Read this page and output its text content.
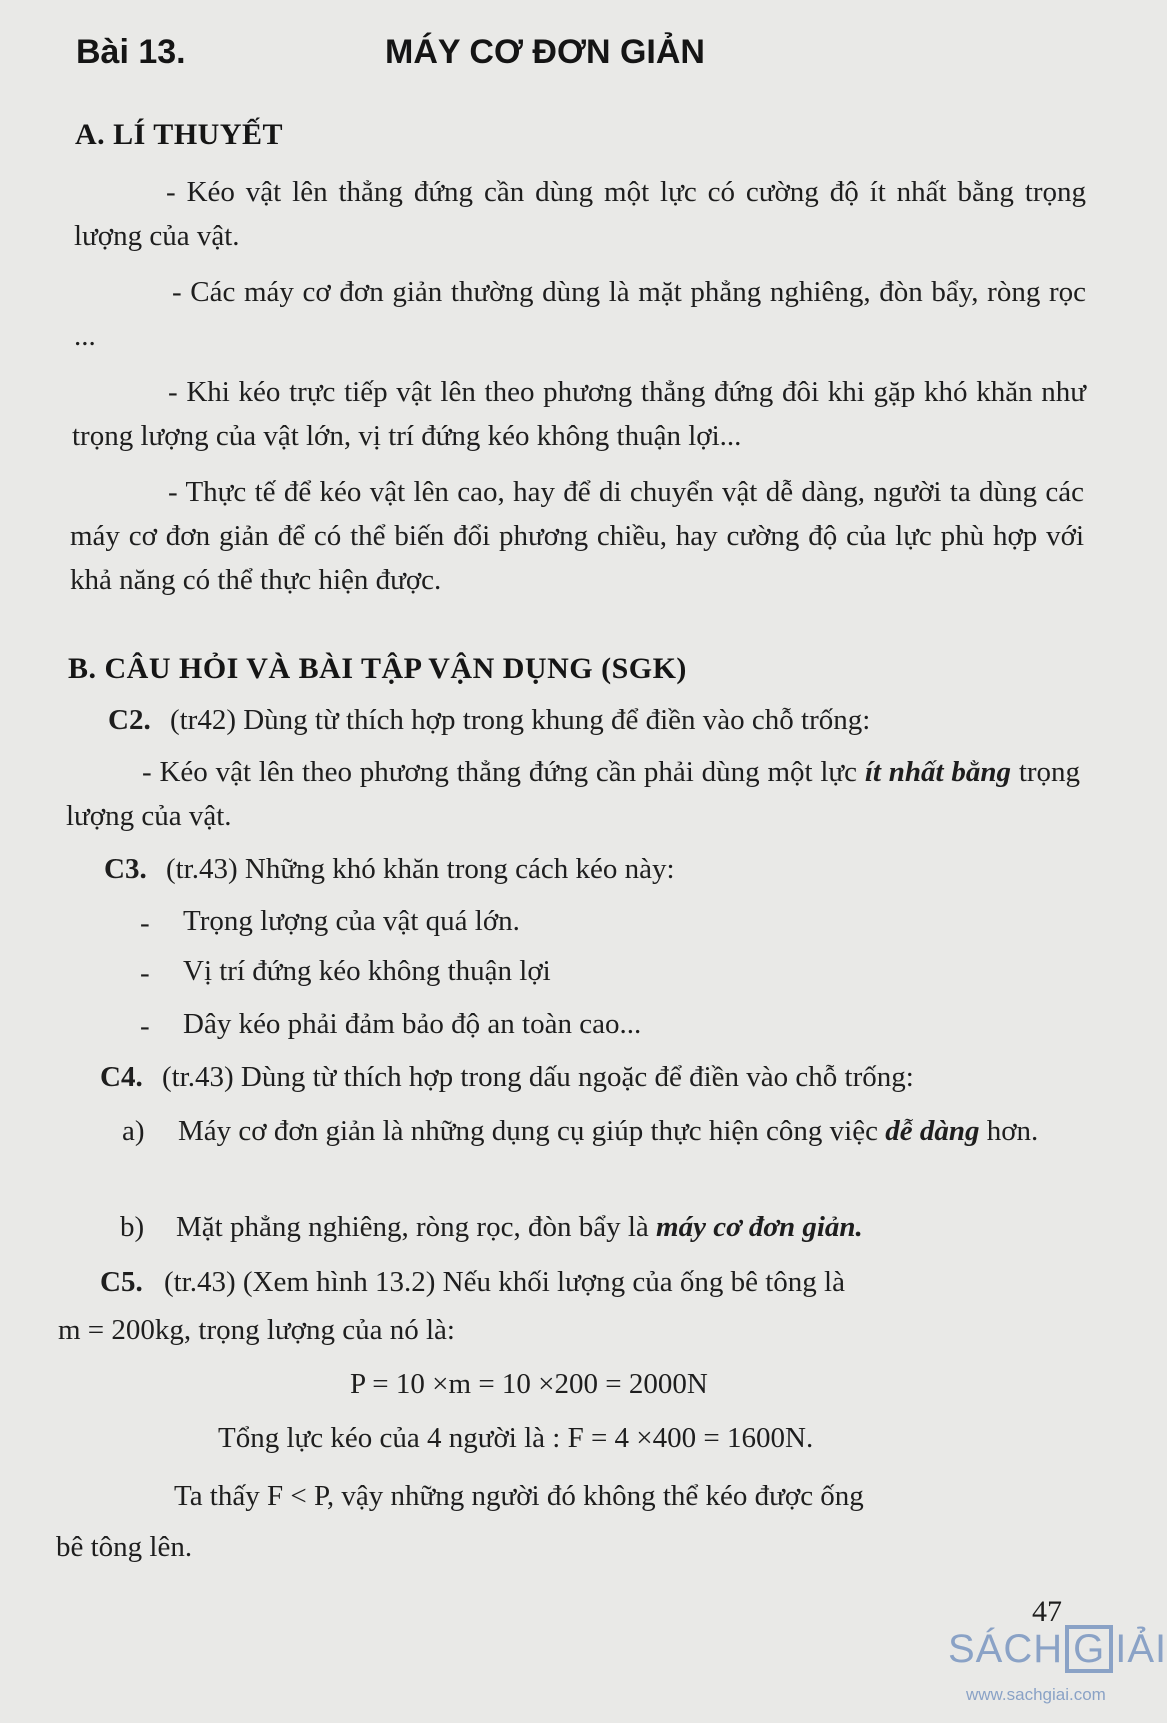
Bài 13.	MÁY CƠ ĐƠN GIẢN
A. LÍ THUYẾT
- Kéo vật lên thẳng đứng cần dùng một lực có cường độ ít nhất bằng trọng lượng của vật.
- Các máy cơ đơn giản thường dùng là mặt phẳng nghiêng, đòn bẩy, ròng rọc ...
- Khi kéo trực tiếp vật lên theo phương thẳng đứng đôi khi gặp khó khăn như trọng lượng của vật lớn, vị trí đứng kéo không thuận lợi...
- Thực tế để kéo vật lên cao, hay để di chuyển vật dễ dàng, người ta dùng các máy cơ đơn giản để có thể biến đổi phương chiều, hay cường độ của lực phù hợp với khả năng có thể thực hiện được.
B. CÂU HỎI VÀ BÀI TẬP VẬN DỤNG (SGK)
C2. (tr42) Dùng từ thích hợp trong khung để điền vào chỗ trống:
- Kéo vật lên theo phương thẳng đứng cần phải dùng một lực ít nhất bằng trọng lượng của vật.
C3. (tr.43) Những khó khăn trong cách kéo này:
- Trọng lượng của vật quá lớn.
- Vị trí đứng kéo không thuận lợi
- Dây kéo phải đảm bảo độ an toàn cao...
C4. (tr.43) Dùng từ thích hợp trong dấu ngoặc để điền vào chỗ trống:
a) Máy cơ đơn giản là những dụng cụ giúp thực hiện công việc dễ dàng hơn.
b) Mặt phẳng nghiêng, ròng rọc, đòn bẩy là máy cơ đơn giản.
C5. (tr.43) (Xem hình 13.2) Nếu khối lượng của ống bê tông là
m = 200kg, trọng lượng của nó là:
P = 10 ×m = 10 ×200 = 2000N
Tổng lực kéo của 4 người là : F = 4 ×400 = 1600N.
Ta thấy F < P, vậy những người đó không thể kéo được ống
bê tông lên.
47
SÁCH G IẢI
www.sachgiai.com
